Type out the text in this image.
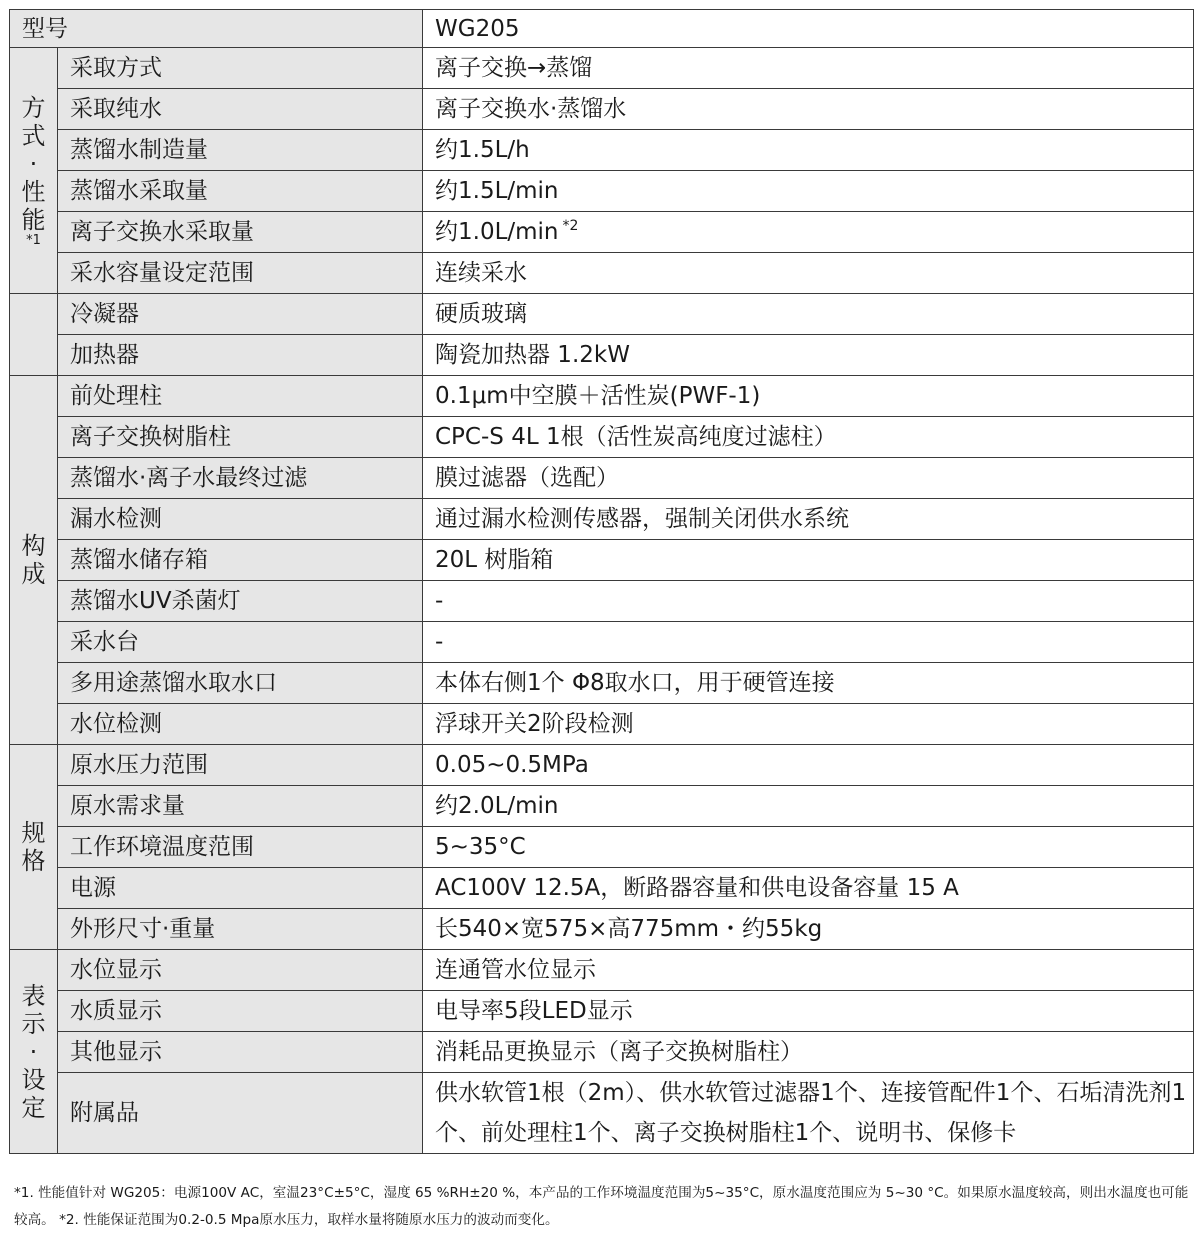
型号		WG205
方式·性能
*1	采取方式	离子交换→蒸馏
	采取纯水	离子交换水·蒸馏水
	蒸馏水制造量	约1.5L/h
	蒸馏水采取量	约1.5L/min
	离子交换水采取量	约1.0L/min $^{*2}$
	采水容量设定范围	连续采水
	冷凝器	硬质玻璃
	加热器	陶瓷加热器 1.2kW
构成	前处理柱	0.1μm中空膜＋活性炭(PWF-1)
	离子交换树脂柱	CPC-S 4L 1根（活性炭高纯度过滤柱）
	蒸馏水·离子水最终过滤	膜过滤器（选配）
	漏水检测	通过漏水检测传感器，强制关闭供水系统
	蒸馏水储存箱	20L 树脂箱
	蒸馏水UV杀菌灯	-
	采水台	-
	多用途蒸馏水取水口	本体右侧1个 Φ8取水口，用于硬管连接
	水位检测	浮球开关2阶段检测
规格	原水压力范围	0.05~0.5MPa
	原水需求量	约2.0L/min
	工作环境温度范围	5~35°C
	电源	AC100V 12.5A，断路器容量和供电设备容量 15 A
	外形尺寸·重量	长540×宽575×高775mm・约55kg
表示·设定	水位显示	连通管水位显示
	水质显示	电导率5段LED显示
	其他显示	消耗品更换显示（离子交换树脂柱）
	附属品	供水软管1根（2m）、供水软管过滤器1个、连接管配件1个、石垢清洗剂1个、前处理柱1个、离子交换树脂柱1个、说明书、保修卡
*1. 性能值针对 WG205：电源100V AC，室温23°C±5°C，湿度 65 %RH±20 %，本产品的工作环境温度范围为5~35°C，原水温度范围应为 5~30 °C。如果原水温度较高，则出水温度也可能较高。 *2. 性能保证范围为0.2-0.5 Mpa原水压力，取样水量将随原水压力的波动而变化。
